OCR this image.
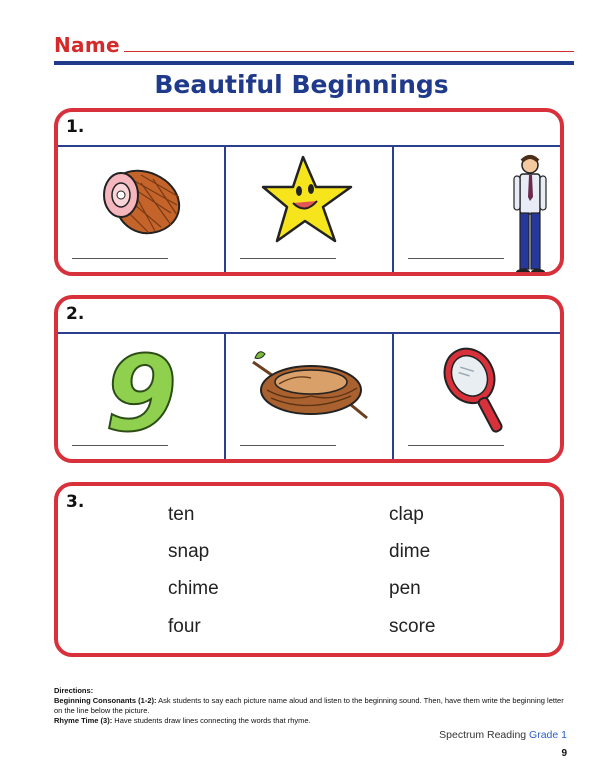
Name
Beautiful Beginnings
1.
2.
9
3.
ten
snap
chime
four
clap
dime
pen
score
Directions:
Beginning Consonants (1-2): Ask students to say each picture name aloud and listen to the beginning sound. Then, have them write the beginning letter on the line below the picture.
Rhyme Time (3): Have students draw lines connecting the words that rhyme.
Spectrum Reading Grade 1
9
